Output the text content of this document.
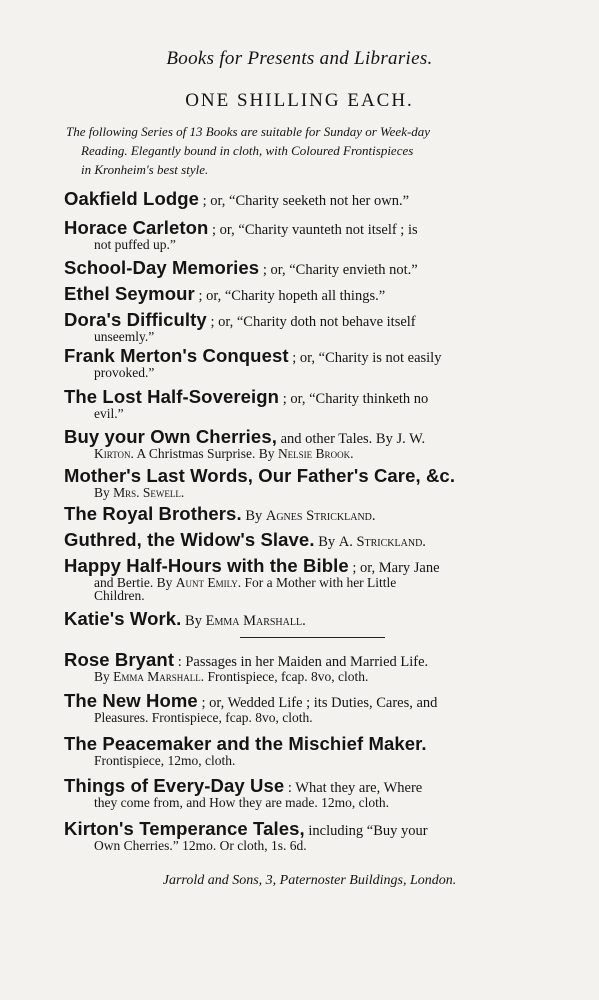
Books for Presents and Libraries.
ONE SHILLING EACH.
The following Series of 13 Books are suitable for Sunday or Week-day
Reading. Elegantly bound in cloth, with Coloured Frontispieces
in Kronheim's best style.
Oakfield Lodge ; or, “Charity seeketh not her own.”
Horace Carleton ; or, “Charity vaunteth not itself ; is
not puffed up.”
School-Day Memories ; or, “Charity envieth not.”
Ethel Seymour ; or, “Charity hopeth all things.”
Dora's Difficulty ; or, “Charity doth not behave itself
unseemly.”
Frank Merton's Conquest ; or, “Charity is not easily
provoked.”
The Lost Half-Sovereign ; or, “Charity thinketh no
evil.”
Buy your Own Cherries, and other Tales. By J. W.
Kirton. A Christmas Surprise. By Nelsie Brook.
Mother's Last Words, Our Father's Care, &c.
By Mrs. Sewell.
The Royal Brothers. By Agnes Strickland.
Guthred, the Widow's Slave. By A. Strickland.
Happy Half-Hours with the Bible ; or, Mary Jane
and Bertie. By Aunt Emily. For a Mother with her Little
Children.
Katie's Work. By Emma Marshall.
Rose Bryant : Passages in her Maiden and Married Life.
By Emma Marshall. Frontispiece, fcap. 8vo, cloth.
The New Home ; or, Wedded Life ; its Duties, Cares, and
Pleasures. Frontispiece, fcap. 8vo, cloth.
The Peacemaker and the Mischief Maker.
Frontispiece, 12mo, cloth.
Things of Every-Day Use : What they are, Where
they come from, and How they are made. 12mo, cloth.
Kirton's Temperance Tales, including “Buy your
Own Cherries.” 12mo. Or cloth, 1s. 6d.
Jarrold and Sons, 3, Paternoster Buildings, London.
